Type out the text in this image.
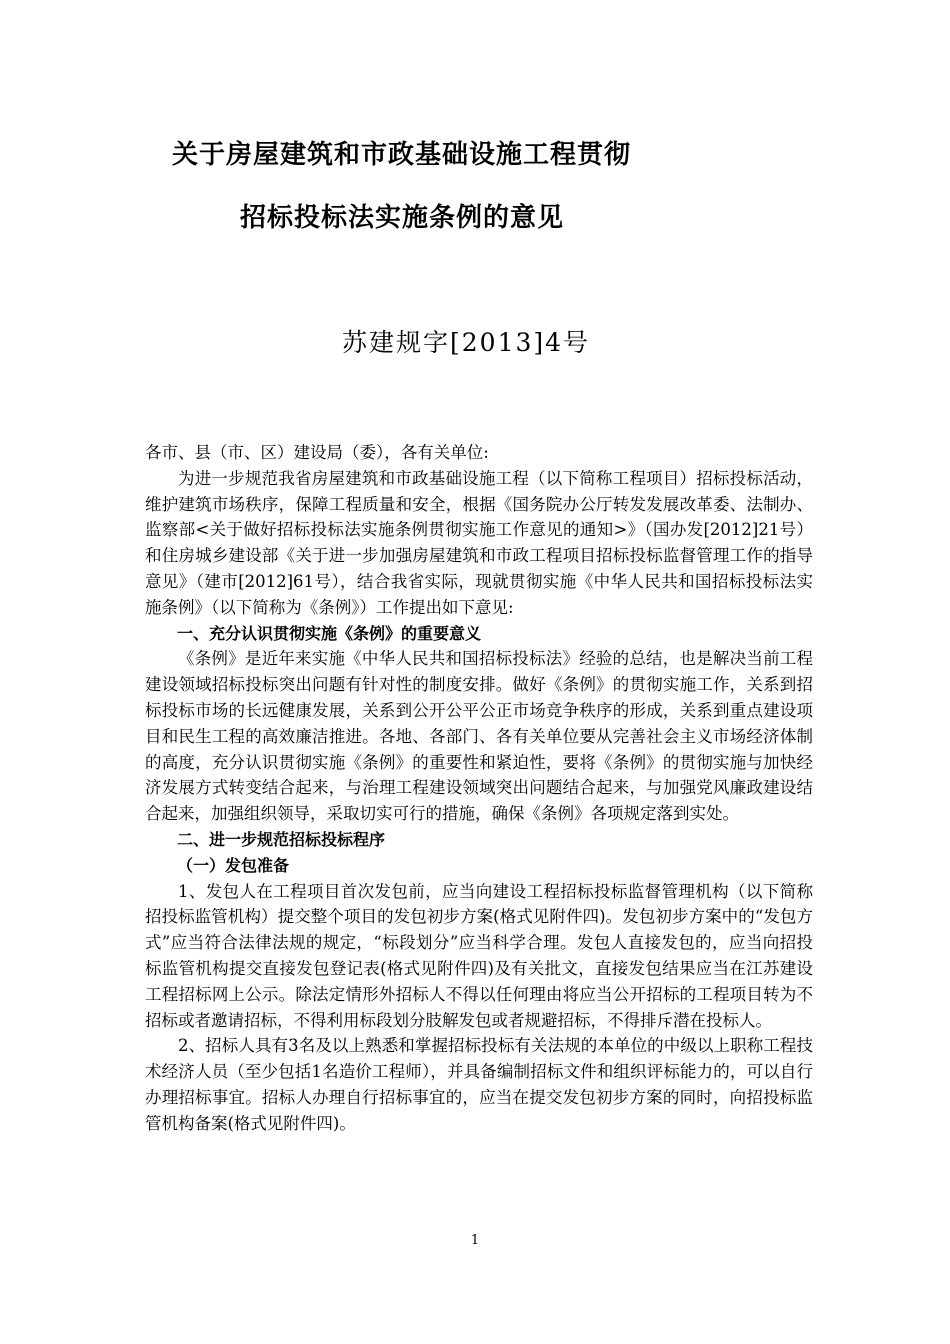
关于房屋建筑和市政基础设施工程贯彻
招标投标法实施条例的意见

苏建规字[2013]4号

各市、县（市、区）建设局（委），各有关单位:

为进一步规范我省房屋建筑和市政基础设施工程（以下简称工程项目）招标投标活动，维护建筑市场秩序，保障工程质量和安全，根据《国务院办公厅转发发展改革委、法制办、监察部<关于做好招标投标法实施条例贯彻实施工作意见的通知>》（国办发[2012]21号）和住房城乡建设部《关于进一步加强房屋建筑和市政工程项目招标投标监督管理工作的指导意见》（建市[2012]61号），结合我省实际，现就贯彻实施《中华人民共和国招标投标法实施条例》（以下简称为《条例》）工作提出如下意见:

一、充分认识贯彻实施《条例》的重要意义

《条例》是近年来实施《中华人民共和国招标投标法》经验的总结，也是解决当前工程建设领域招标投标突出问题有针对性的制度安排。做好《条例》的贯彻实施工作，关系到招标投标市场的长远健康发展，关系到公开公平公正市场竞争秩序的形成，关系到重点建设项目和民生工程的高效廉洁推进。各地、各部门、各有关单位要从完善社会主义市场经济体制的高度，充分认识贯彻实施《条例》的重要性和紧迫性，要将《条例》的贯彻实施与加快经济发展方式转变结合起来，与治理工程建设领域突出问题结合起来，与加强党风廉政建设结合起来，加强组织领导，采取切实可行的措施，确保《条例》各项规定落到实处。

二、进一步规范招标投标程序

（一）发包准备

1、发包人在工程项目首次发包前，应当向建设工程招标投标监督管理机构（以下简称招投标监管机构）提交整个项目的发包初步方案(格式见附件四)。发包初步方案中的“发包方式”应当符合法律法规的规定，“标段划分”应当科学合理。发包人直接发包的，应当向招投标监管机构提交直接发包登记表(格式见附件四)及有关批文，直接发包结果应当在江苏建设工程招标网上公示。除法定情形外招标人不得以任何理由将应当公开招标的工程项目转为不招标或者邀请招标，不得利用标段划分肢解发包或者规避招标，不得排斥潜在投标人。

2、招标人具有3名及以上熟悉和掌握招标投标有关法规的本单位的中级以上职称工程技术经济人员（至少包括1名造价工程师），并具备编制招标文件和组织评标能力的，可以自行办理招标事宜。招标人办理自行招标事宜的，应当在提交发包初步方案的同时，向招投标监管机构备案(格式见附件四)。

1
